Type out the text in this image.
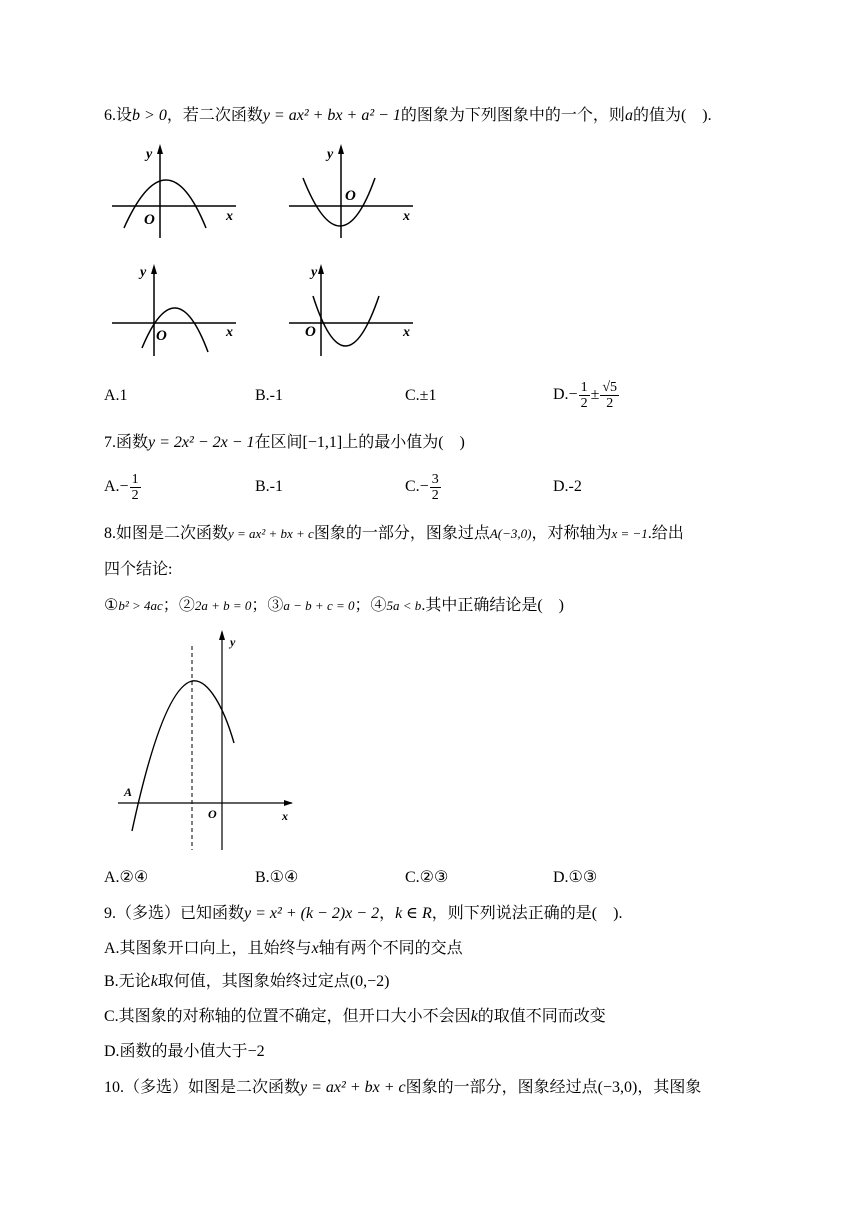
6.设b > 0，若二次函数y = ax² + bx + a² − 1的图象为下列图象中的一个，则a的值为(　).
y
x
O
y
x
O
y
x
O
y
x
O
A.1	B.-1	C.±1	$D.- \frac{1}{2} \pm \frac{√5}{2}$
7.函数y = 2x² − 2x − 1在区间[−1,1]上的最小值为(　)
$A.- \frac{1}{2}$	B.-1	$C.- \frac{3}{2}$	D.-2
8.如图是二次函数y = ax² + bx + c图象的一部分，图象过点A(−3,0)，对称轴为x = −1.给出
四个结论:
①b² > 4ac；②2a + b = 0；③a − b + c = 0；④5a < b.其中正确结论是(　)
y
x
O
A
A.②④	B.①④	C.②③	D.①③
9.（多选）已知函数y = x² + (k − 2)x − 2，k ∈ R，则下列说法正确的是(　).
A.其图象开口向上，且始终与x轴有两个不同的交点
B.无论k取何值，其图象始终过定点(0,−2)
C.其图象的对称轴的位置不确定，但开口大小不会因k的取值不同而改变
D.函数的最小值大于−2
10.（多选）如图是二次函数y = ax² + bx + c图象的一部分，图象经过点(−3,0)，其图象
